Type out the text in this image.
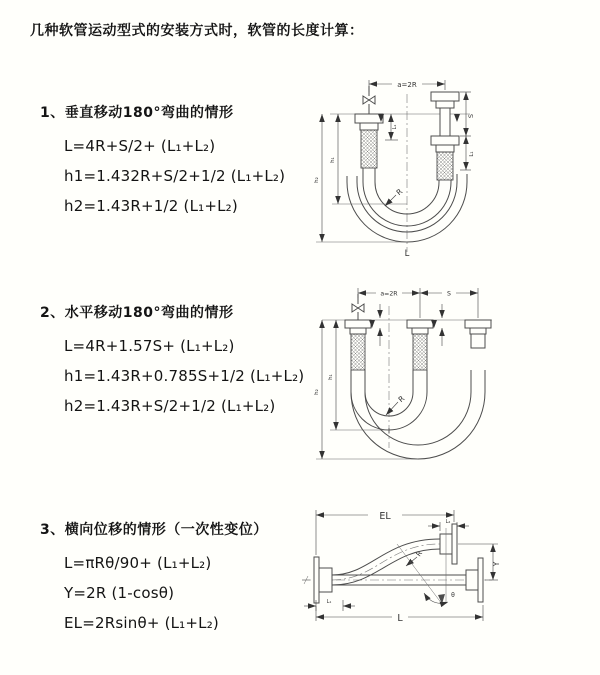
几种软管运动型式的安装方式时，软管的长度计算：

1、垂直移动180°弯曲的情形

L=4R+S/2+ (L₁+L₂)
h1=1.432R+S/2+1/2 (L₁+L₂)
h2=1.43R+1/2 (L₁+L₂)

2、水平移动180°弯曲的情形

L=4R+1.57S+ (L₁+L₂)
h1=1.43R+0.785S+1/2 (L₁+L₂)
h2=1.43R+S/2+1/2 (L₁+L₂)

3、横向位移的情形（一次性变位）

L=πRθ/90+ (L₁+L₂)
Y=2R (1-cosθ)
EL=2Rsinθ+ (L₁+L₂)
a=2R
S
L₁
h₁
h₂
L₁
R
L
a=2R	S
h₁
h₂
R
EL	L₂
Y
L
L₁
R
θ
